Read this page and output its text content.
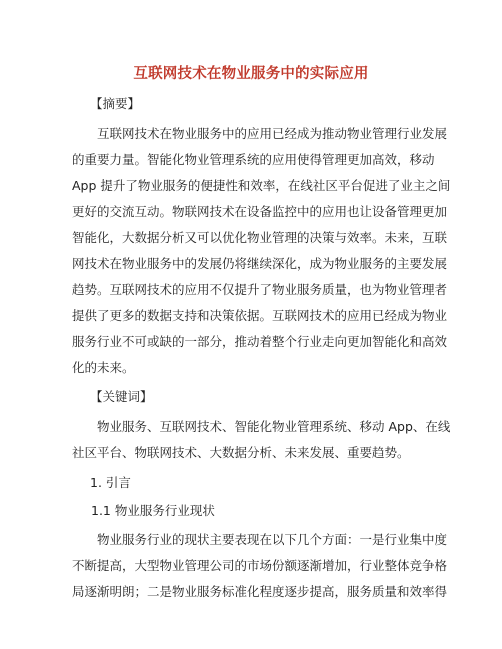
互联网技术在物业服务中的实际应用
【摘要】
互联网技术在物业服务中的应用已经成为推动物业管理行业发展
的重要力量。智能化物业管理系统的应用使得管理更加高效，移动
App 提升了物业服务的便捷性和效率，在线社区平台促进了业主之间
更好的交流互动。物联网技术在设备监控中的应用也让设备管理更加
智能化，大数据分析又可以优化物业管理的决策与效率。未来，互联
网技术在物业服务中的发展仍将继续深化，成为物业服务的主要发展
趋势。互联网技术的应用不仅提升了物业服务质量，也为物业管理者
提供了更多的数据支持和决策依据。互联网技术的应用已经成为物业
服务行业不可或缺的一部分，推动着整个行业走向更加智能化和高效
化的未来。
【关键词】
物业服务、互联网技术、智能化物业管理系统、移动 App、在线
社区平台、物联网技术、大数据分析、未来发展、重要趋势。
1. 引言
1.1 物业服务行业现状
物业服务行业的现状主要表现在以下几个方面：一是行业集中度
不断提高，大型物业管理公司的市场份额逐渐增加，行业整体竞争格
局逐渐明朗；二是物业服务标准化程度逐步提高，服务质量和效率得
